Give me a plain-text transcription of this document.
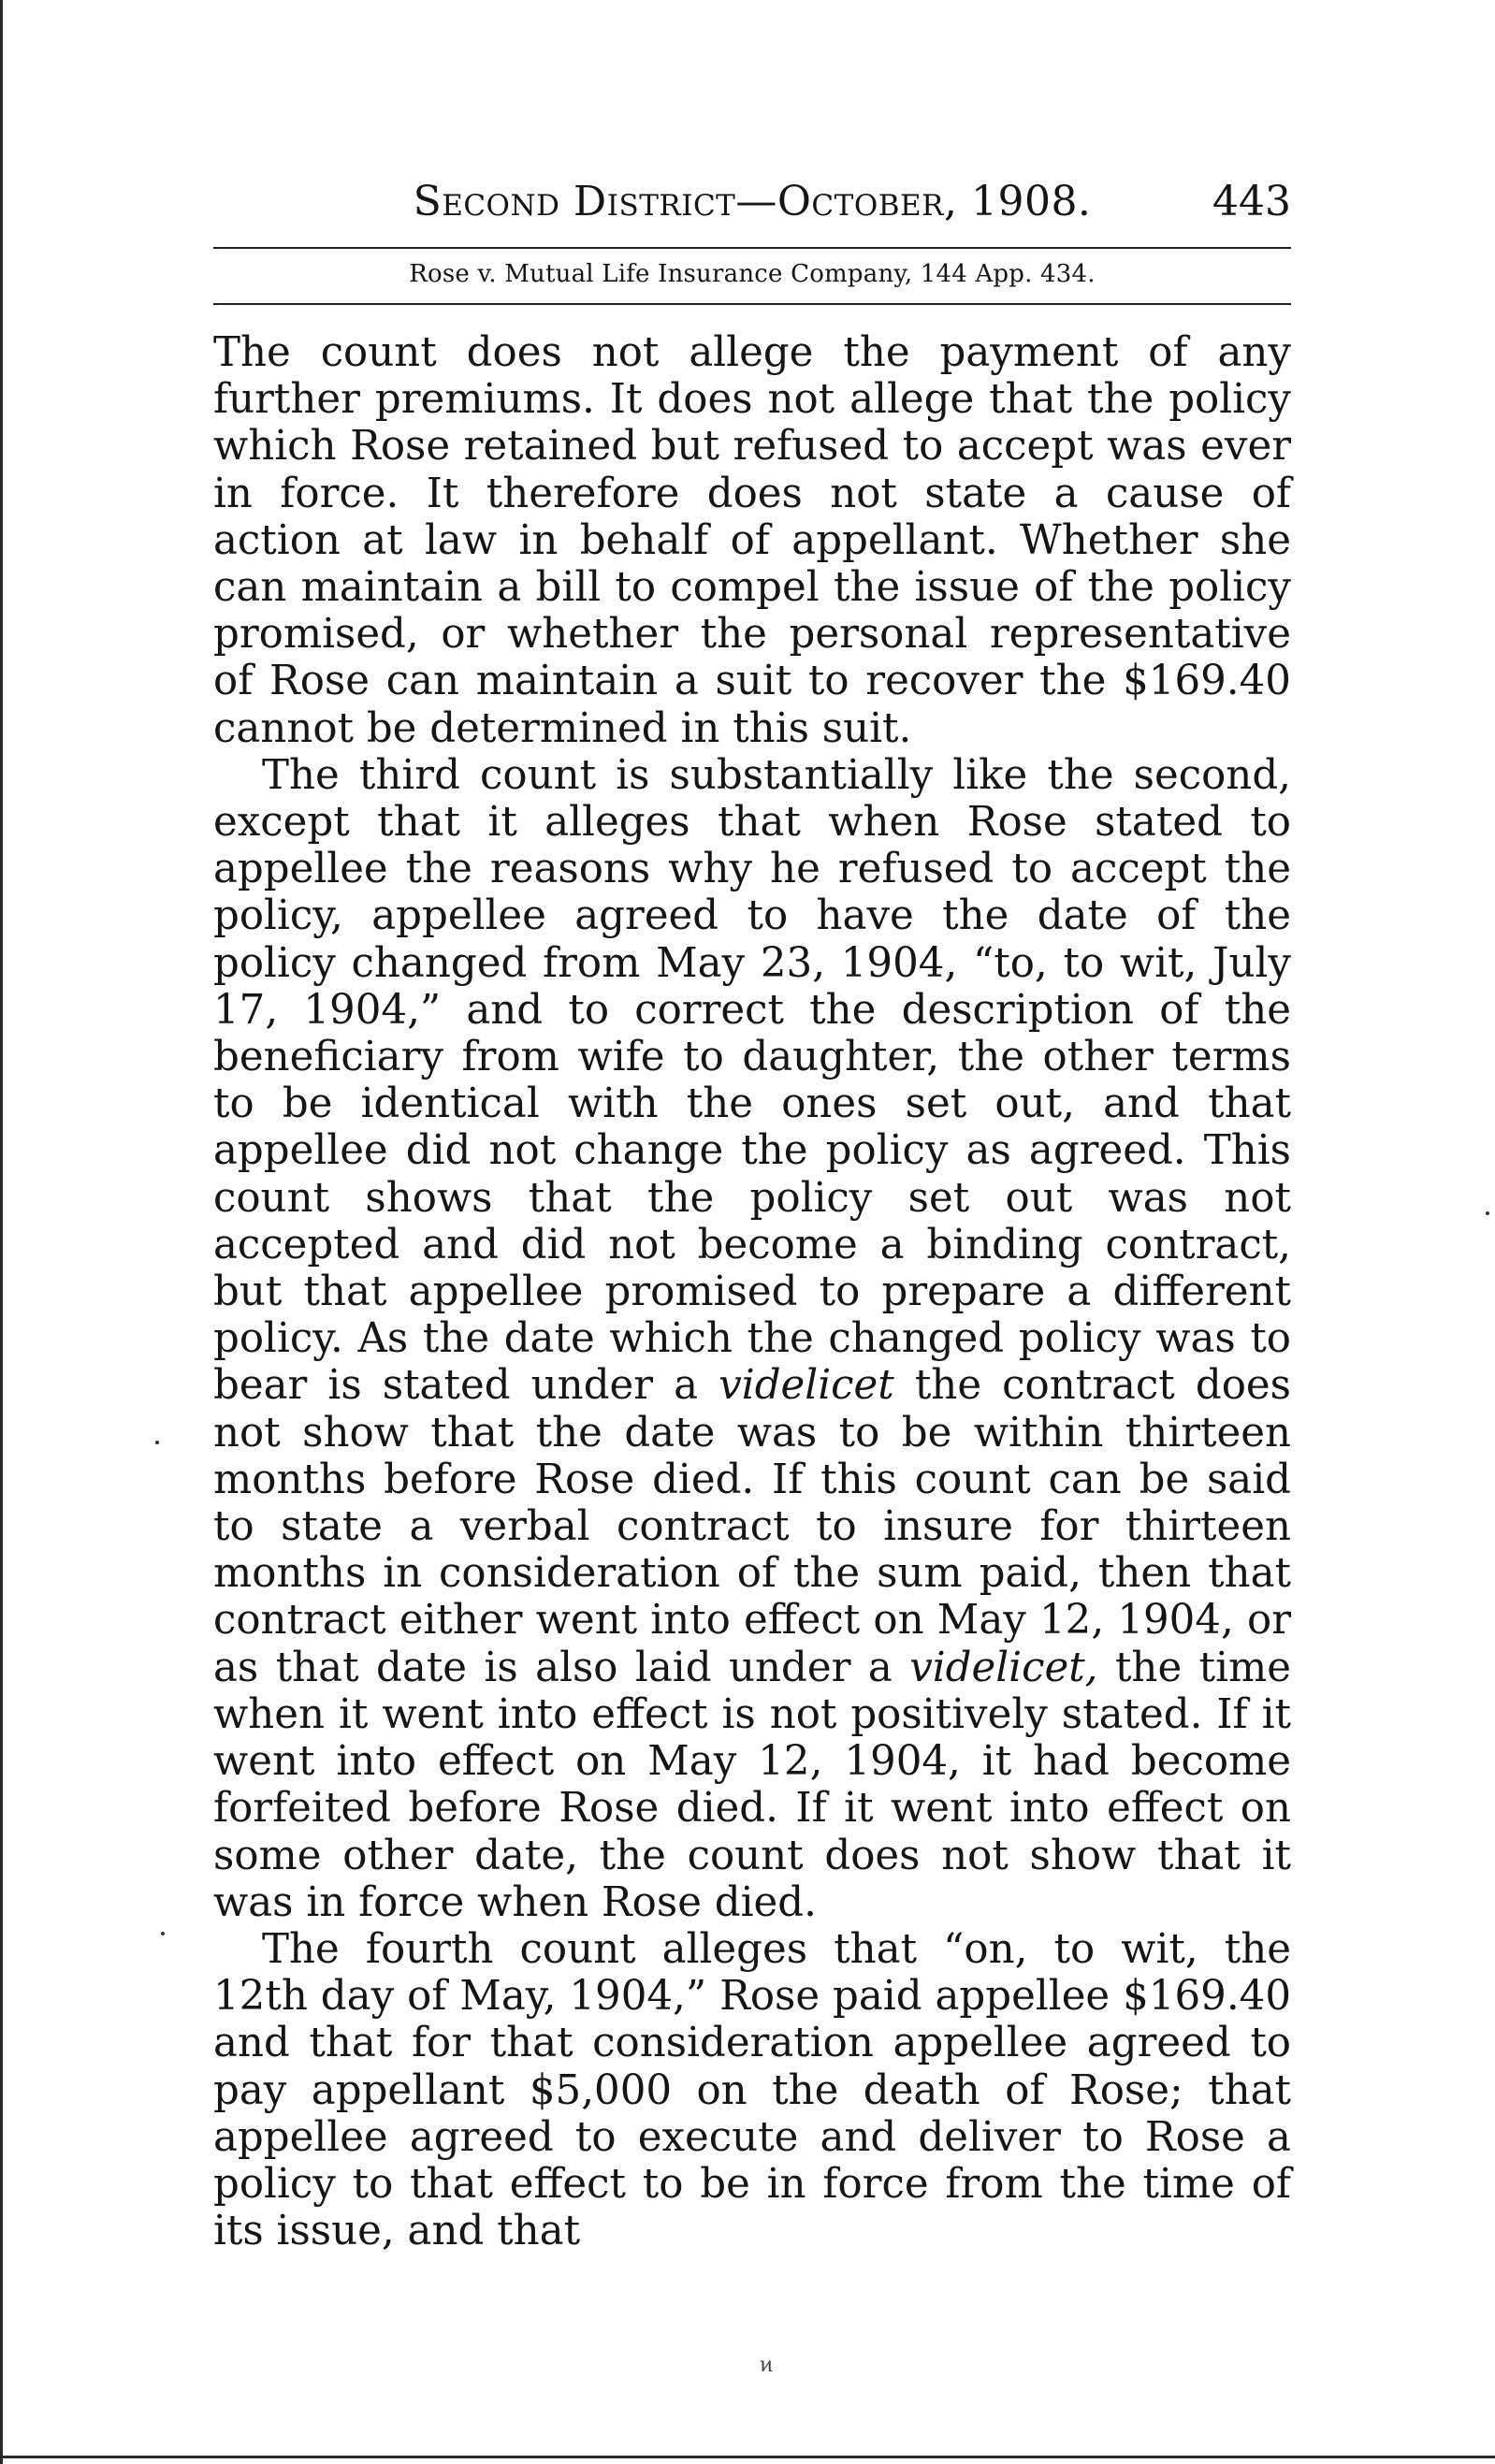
Second District—October, 1908.	443
Rose v. Mutual Life Insurance Company, 144 App. 434.

The count does not allege the payment of any further premiums. It does not allege that the policy which Rose retained but refused to accept was ever in force. It therefore does not state a cause of action at law in behalf of appellant. Whether she can maintain a bill to compel the issue of the policy promised, or whether the personal representative of Rose can maintain a suit to recover the $169.40 cannot be determined in this suit.

The third count is substantially like the second, except that it alleges that when Rose stated to appellee the reasons why he refused to accept the policy, appellee agreed to have the date of the policy changed from May 23, 1904, “to, to wit, July 17, 1904,” and to correct the description of the beneficiary from wife to daughter, the other terms to be identical with the ones set out, and that appellee did not change the policy as agreed. This count shows that the policy set out was not accepted and did not become a binding contract, but that appellee promised to prepare a different policy. As the date which the changed policy was to bear is stated under a videlicet the contract does not show that the date was to be within thirteen months before Rose died. If this count can be said to state a verbal contract to insure for thirteen months in consideration of the sum paid, then that contract either went into effect on May 12, 1904, or as that date is also laid under a videlicet, the time when it went into effect is not positively stated. If it went into effect on May 12, 1904, it had become forfeited before Rose died. If it went into effect on some other date, the count does not show that it was in force when Rose died.

The fourth count alleges that “on, to wit, the 12th day of May, 1904,” Rose paid appellee $169.40 and that for that consideration appellee agreed to pay appellant $5,000 on the death of Rose; that appellee agreed to execute and deliver to Rose a policy to that effect to be in force from the time of its issue, and that

ͷ
